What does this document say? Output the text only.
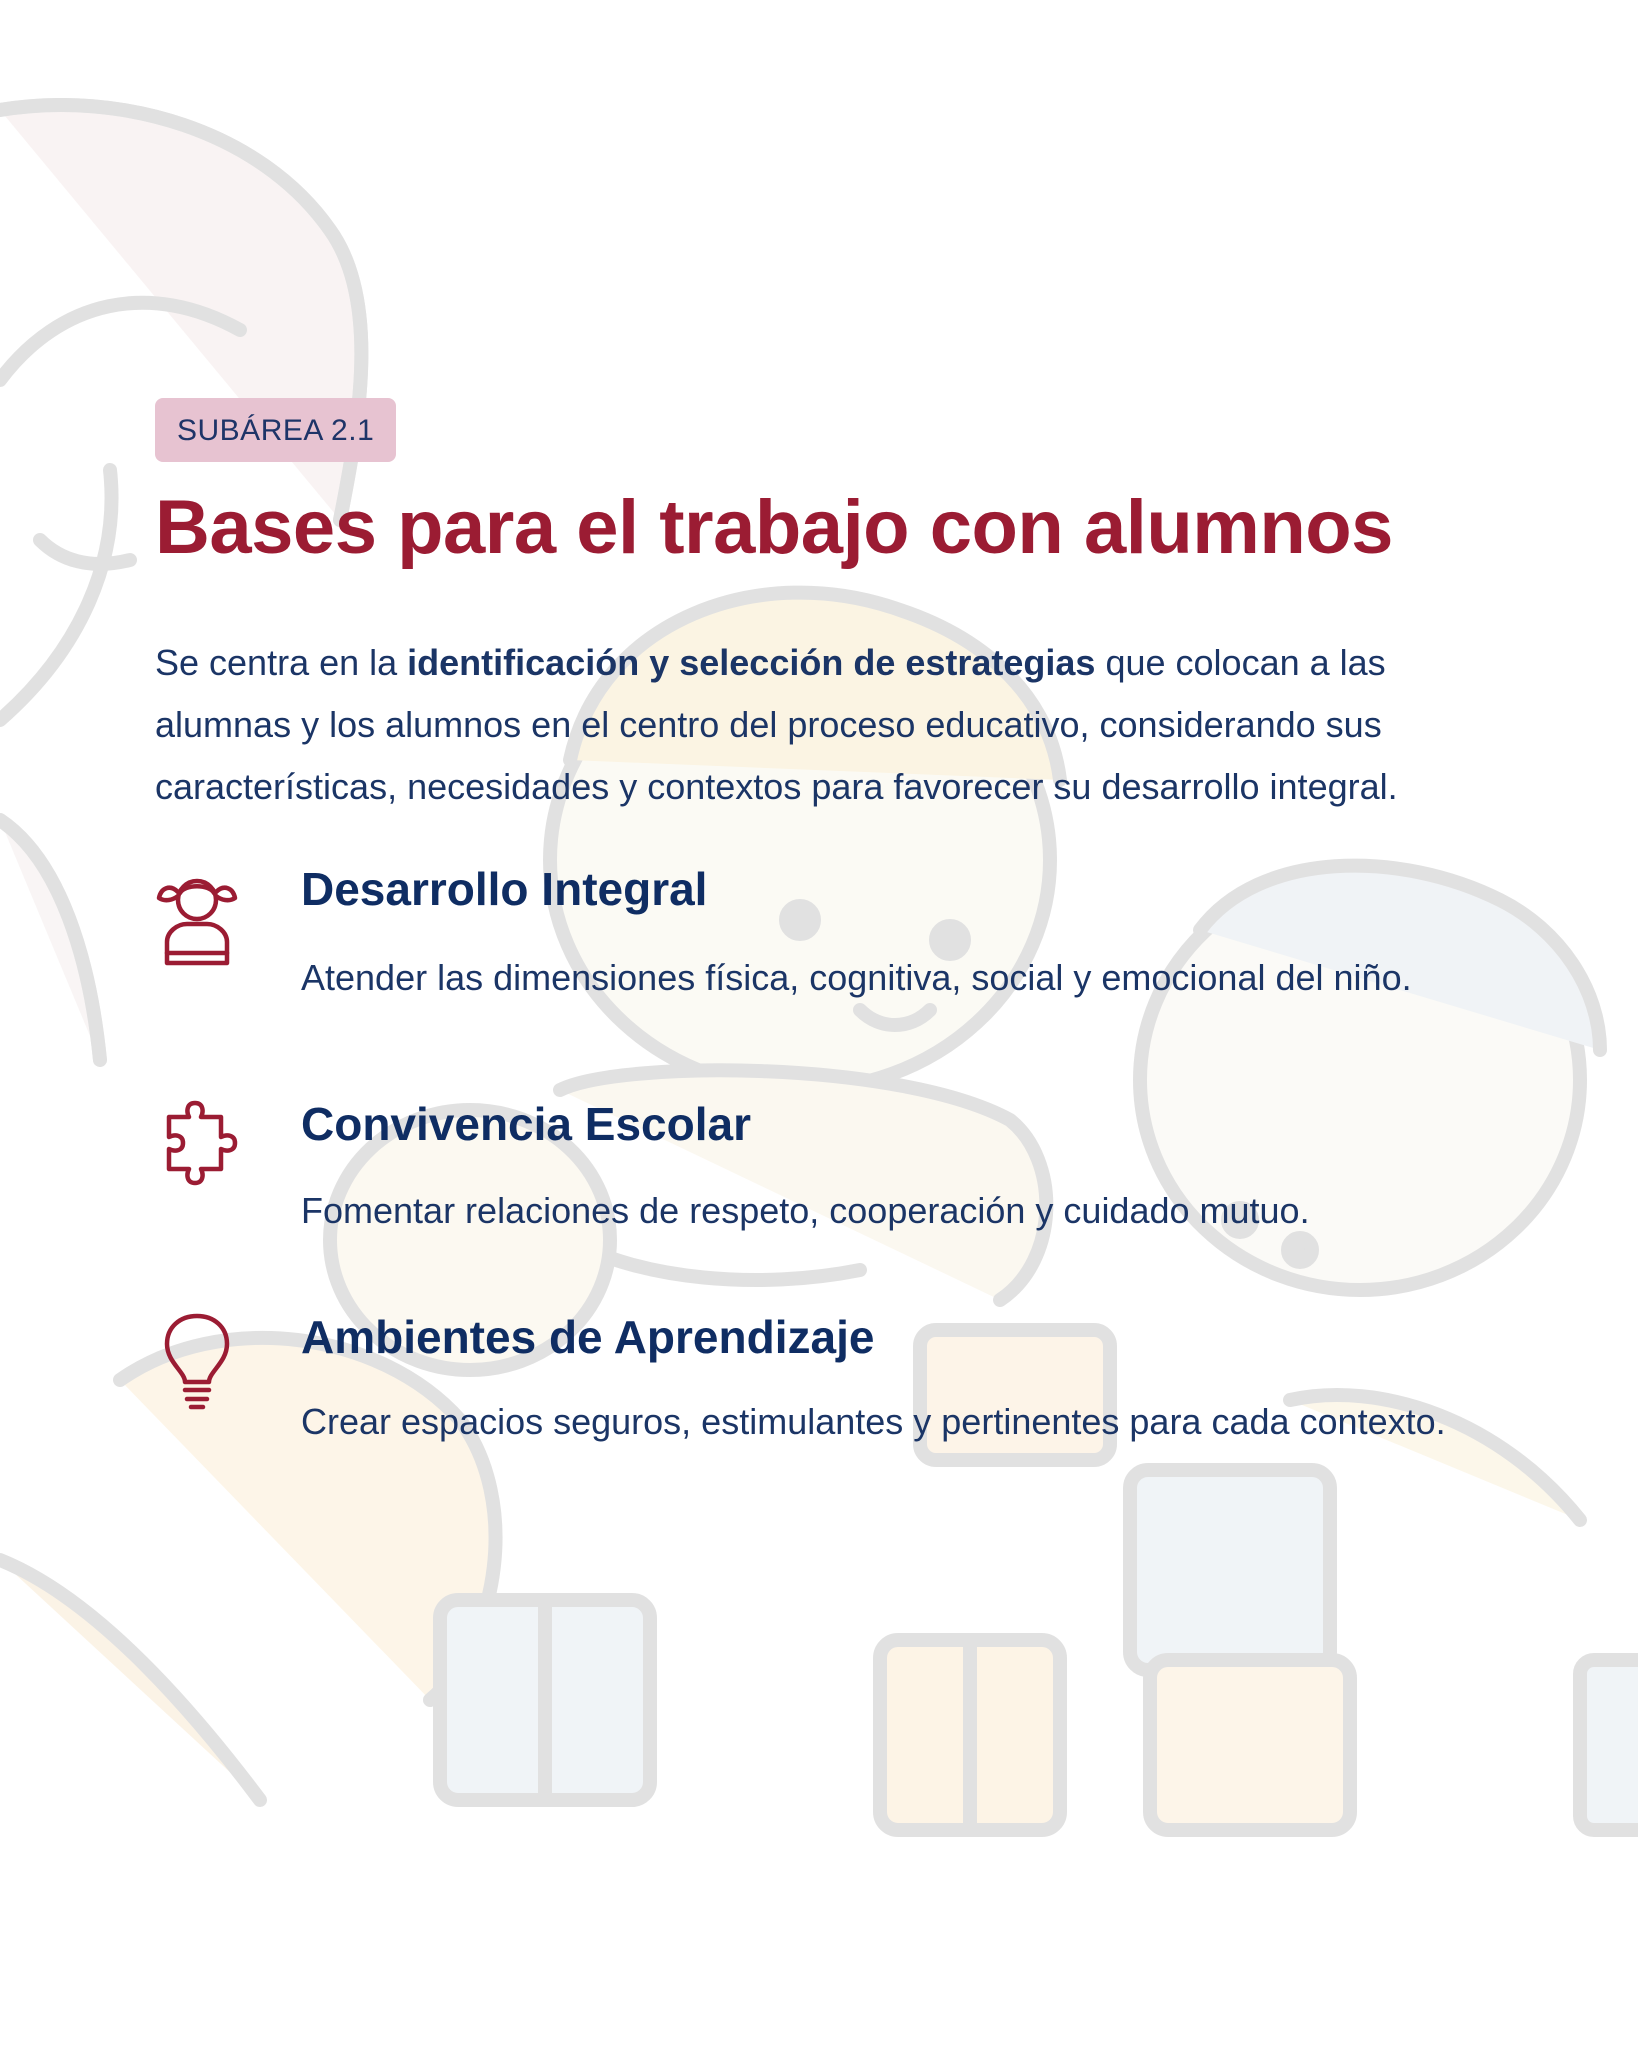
SUBÁREA 2.1
Bases para el trabajo con alumnos

Se centra en la identificación y selección de estrategias que colocan a las alumnas y los alumnos en el centro del proceso educativo, considerando sus características, necesidades y contextos para favorecer su desarrollo integral.

Desarrollo Integral

Atender las dimensiones física, cognitiva, social y emocional del niño.

Convivencia Escolar

Fomentar relaciones de respeto, cooperación y cuidado mutuo.

Ambientes de Aprendizaje

Crear espacios seguros, estimulantes y pertinentes para cada contexto.
